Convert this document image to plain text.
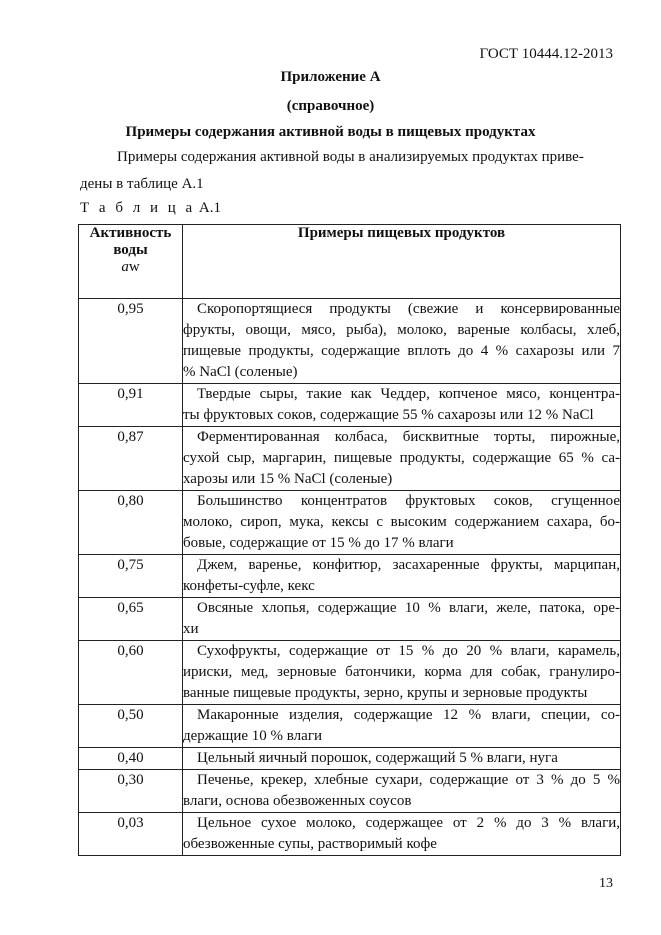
ГОСТ 10444.12-2013
Приложение А
(справочное)
Примеры содержания активной воды в пищевых продуктах
Примеры содержания активной воды в анализируемых продуктах приве-
дены в таблице А.1
Т а б л и ц а А.1
Активность
воды
aw	Примеры пищевых продуктов
0,95	Скоропортящиеся продукты (свежие и консервированные
фрукты, овощи, мясо, рыба), молоко, вареные колбасы, хлеб,
пищевые продукты, содержащие вплоть до 4 % сахарозы или 7
% NaCl (соленые)

0,91	Твердые сыры, такие как Чеддер, копченое мясо, концентра-
ты фруктовых соков, содержащие 55 % сахарозы или 12 % NaCl

0,87	Ферментированная колбаса, бисквитные торты, пирожные,
сухой сыр, маргарин, пищевые продукты, содержащие 65 % са-
харозы или 15 % NaCl (соленые)

0,80	Большинство концентратов фруктовых соков, сгущенное
молоко, сироп, мука, кексы с высоким содержанием сахара, бо-
бовые, содержащие от 15 % до 17 % влаги

0,75	Джем, варенье, конфитюр, засахаренные фрукты, марципан,
конфеты-суфле, кекс

0,65	Овсяные хлопья, содержащие 10 % влаги, желе, патока, оре-
хи

0,60	Сухофрукты, содержащие от 15 % до 20 % влаги, карамель,
ириски, мед, зерновые батончики, корма для собак, гранулиро-
ванные пищевые продукты, зерно, крупы и зерновые продукты

0,50	Макаронные изделия, содержащие 12 % влаги, специи, со-
держащие 10 % влаги

0,40	Цельный яичный порошок, содержащий 5 % влаги, нуга

0,30	Печенье, крекер, хлебные сухари, содержащие от 3 % до 5 %
влаги, основа обезвоженных соусов

0,03	Цельное сухое молоко, содержащее от 2 % до 3 % влаги,
обезвоженные супы, растворимый кофе
13
